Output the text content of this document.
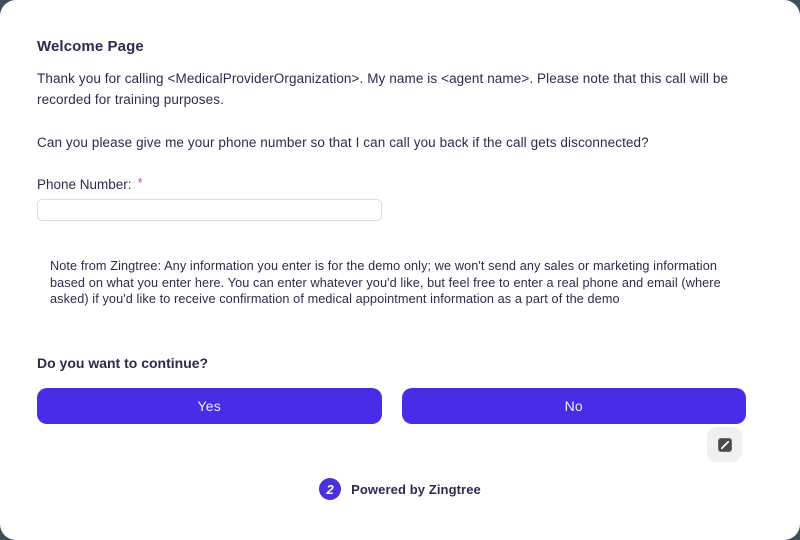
Welcome Page

Thank you for calling <MedicalProviderOrganization>. My name is <agent name>. Please note that this call will be recorded for training purposes.

Can you please give me your phone number so that I can call you back if the call gets disconnected?

Phone Number: *

Note from Zingtree: Any information you enter is for the demo only; we won't send any sales or marketing information based on what you enter here. You can enter whatever you'd like, but feel free to enter a real phone and email (where asked) if you'd like to receive confirmation of medical appointment information as a part of the demo

Do you want to continue?
Yes	No
2	Powered by Zingtree
